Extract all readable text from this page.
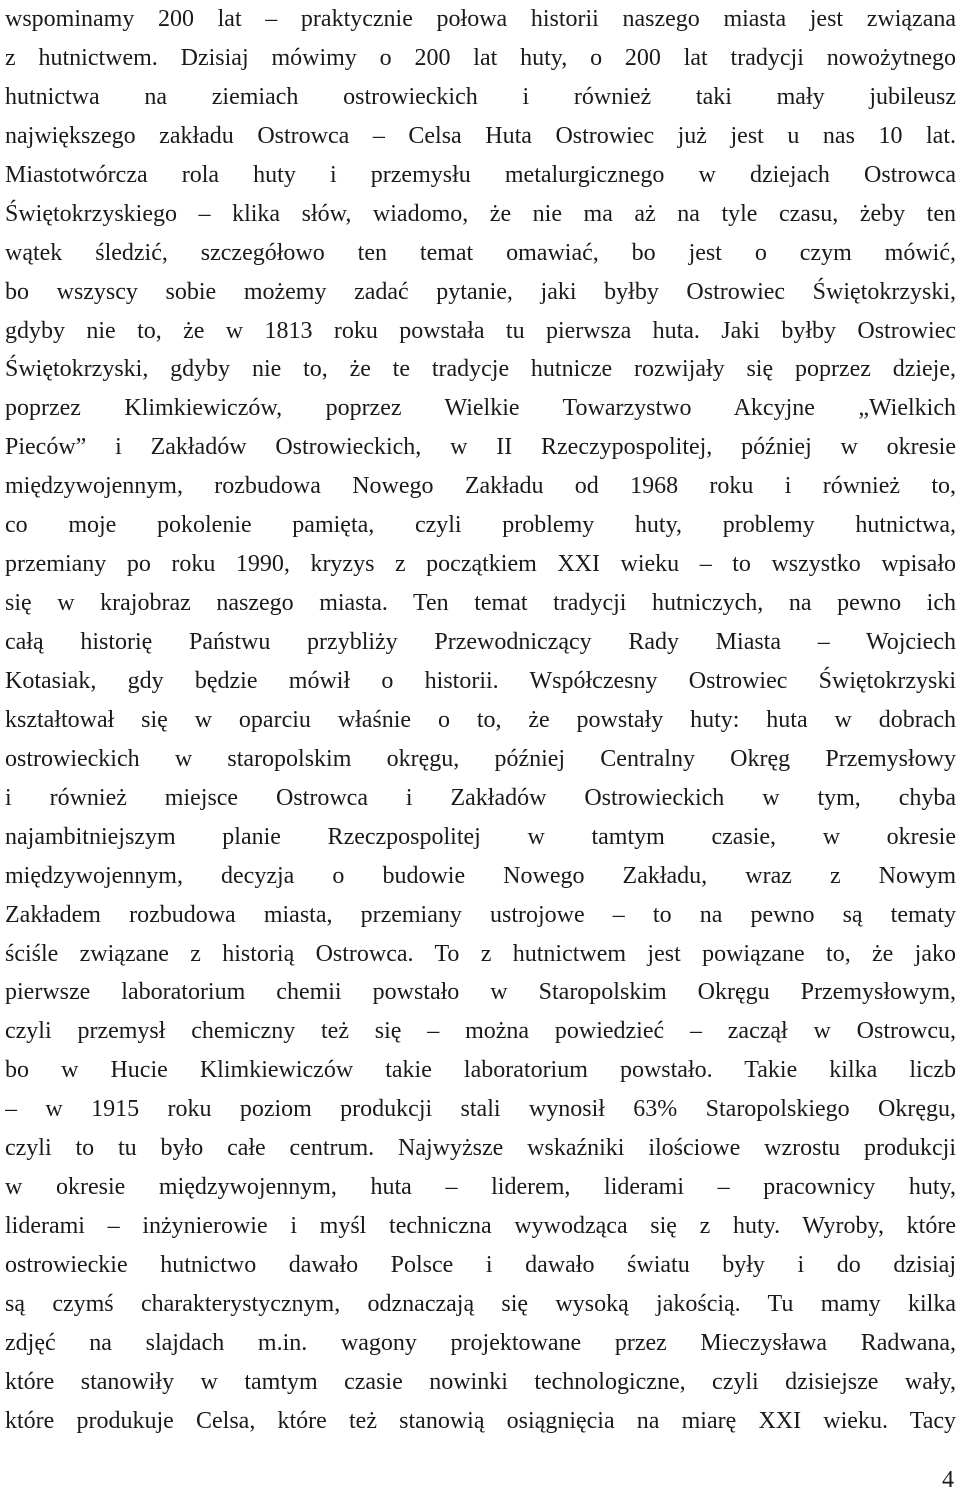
wspominamy 200 lat – praktycznie połowa historii naszego miasta jest związana
z hutnictwem. Dzisiaj mówimy o 200 lat huty, o 200 lat tradycji nowożytnego
hutnictwa na ziemiach ostrowieckich i również taki mały jubileusz
największego zakładu Ostrowca – Celsa Huta Ostrowiec już jest u nas 10 lat.
Miastotwórcza rola huty i przemysłu metalurgicznego w dziejach Ostrowca
Świętokrzyskiego – klika słów, wiadomo, że nie ma aż na tyle czasu, żeby ten
wątek śledzić, szczegółowo ten temat omawiać, bo jest o czym mówić,
bo wszyscy sobie możemy zadać pytanie, jaki byłby Ostrowiec Świętokrzyski,
gdyby nie to, że w 1813 roku powstała tu pierwsza huta. Jaki byłby Ostrowiec
Świętokrzyski, gdyby nie to, że te tradycje hutnicze rozwijały się poprzez dzieje,
poprzez Klimkiewiczów, poprzez Wielkie Towarzystwo Akcyjne „Wielkich
Pieców” i Zakładów Ostrowieckich, w II Rzeczypospolitej, później w okresie
międzywojennym, rozbudowa Nowego Zakładu od 1968 roku i również to,
co moje pokolenie pamięta, czyli problemy huty, problemy hutnictwa,
przemiany po roku 1990, kryzys z początkiem XXI wieku – to wszystko wpisało
się w krajobraz naszego miasta. Ten temat tradycji hutniczych, na pewno ich
całą historię Państwu przybliży Przewodniczący Rady Miasta – Wojciech
Kotasiak, gdy będzie mówił o historii. Współczesny Ostrowiec Świętokrzyski
kształtował się w oparciu właśnie o to, że powstały huty: huta w dobrach
ostrowieckich w staropolskim okręgu, później Centralny Okręg Przemysłowy
i również miejsce Ostrowca i Zakładów Ostrowieckich w tym, chyba
najambitniejszym planie Rzeczpospolitej w tamtym czasie, w okresie
międzywojennym, decyzja o budowie Nowego Zakładu, wraz z Nowym
Zakładem rozbudowa miasta, przemiany ustrojowe – to na pewno są tematy
ściśle związane z historią Ostrowca. To z hutnictwem jest powiązane to, że jako
pierwsze laboratorium chemii powstało w Staropolskim Okręgu Przemysłowym,
czyli przemysł chemiczny też się – można powiedzieć – zaczął w Ostrowcu,
bo w Hucie Klimkiewiczów takie laboratorium powstało. Takie kilka liczb
– w 1915 roku poziom produkcji stali wynosił 63% Staropolskiego Okręgu,
czyli to tu było całe centrum. Najwyższe wskaźniki ilościowe wzrostu produkcji
w okresie międzywojennym, huta – liderem, liderami – pracownicy huty,
liderami – inżynierowie i myśl techniczna wywodząca się z huty. Wyroby, które
ostrowieckie hutnictwo dawało Polsce i dawało światu były i do dzisiaj
są czymś charakterystycznym, odznaczają się wysoką jakością. Tu mamy kilka
zdjęć na slajdach m.in. wagony projektowane przez Mieczysława Radwana,
które stanowiły w tamtym czasie nowinki technologiczne, czyli dzisiejsze wały,
które produkuje Celsa, które też stanowią osiągnięcia na miarę XXI wieku. Tacy
4
